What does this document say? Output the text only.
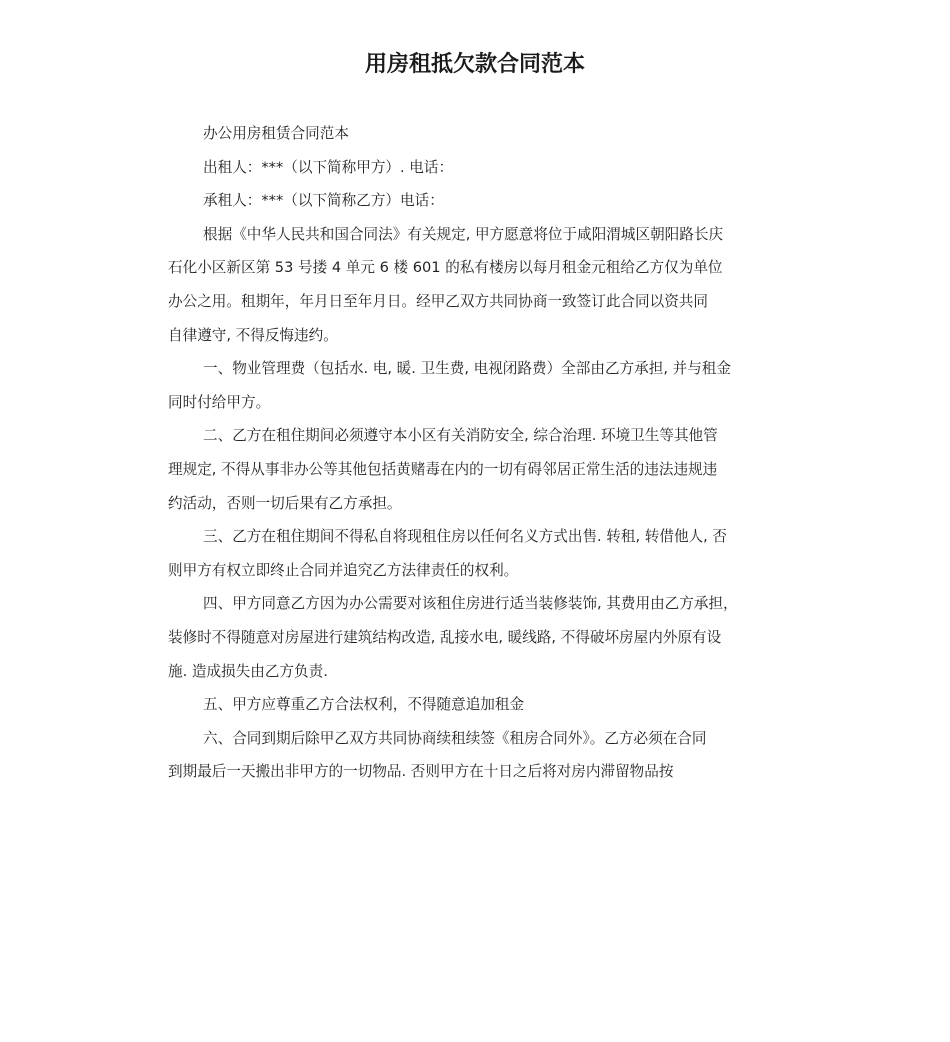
用房租抵欠款合同范本
办公用房租赁合同范本
出租人：***（以下简称甲方）. 电话：
承租人：***（以下简称乙方）电话：
根据《中华人民共和国合同法》有关规定, 甲方愿意将位于咸阳渭城区朝阳路长庆
石化小区新区第 53 号搂 4 单元 6 楼 601 的私有楼房以每月租金元租给乙方仅为单位
办公之用。租期年，年月日至年月日。经甲乙双方共同协商一致签订此合同以资共同
自律遵守, 不得反悔违约。
一、物业管理费（包括水. 电, 暖. 卫生费, 电视闭路费）全部由乙方承担, 并与租金
同时付给甲方。
二、乙方在租住期间必须遵守本小区有关消防安全, 综合治理. 环境卫生等其他管
理规定, 不得从事非办公等其他包括黄赌毒在内的一切有碍邻居正常生活的违法违规违
约活动，否则一切后果有乙方承担。
三、乙方在租住期间不得私自将现租住房以任何名义方式出售. 转租, 转借他人, 否
则甲方有权立即终止合同并追究乙方法律责任的权利。
四、甲方同意乙方因为办公需要对该租住房进行适当装修装饰, 其费用由乙方承担，
装修时不得随意对房屋进行建筑结构改造, 乱接水电, 暖线路, 不得破坏房屋内外原有设
施. 造成损失由乙方负责.
五、甲方应尊重乙方合法权利，不得随意追加租金
六、合同到期后除甲乙双方共同协商续租续签《租房合同外》。乙方必须在合同
到期最后一天搬出非甲方的一切物品. 否则甲方在十日之后将对房内滞留物品按
